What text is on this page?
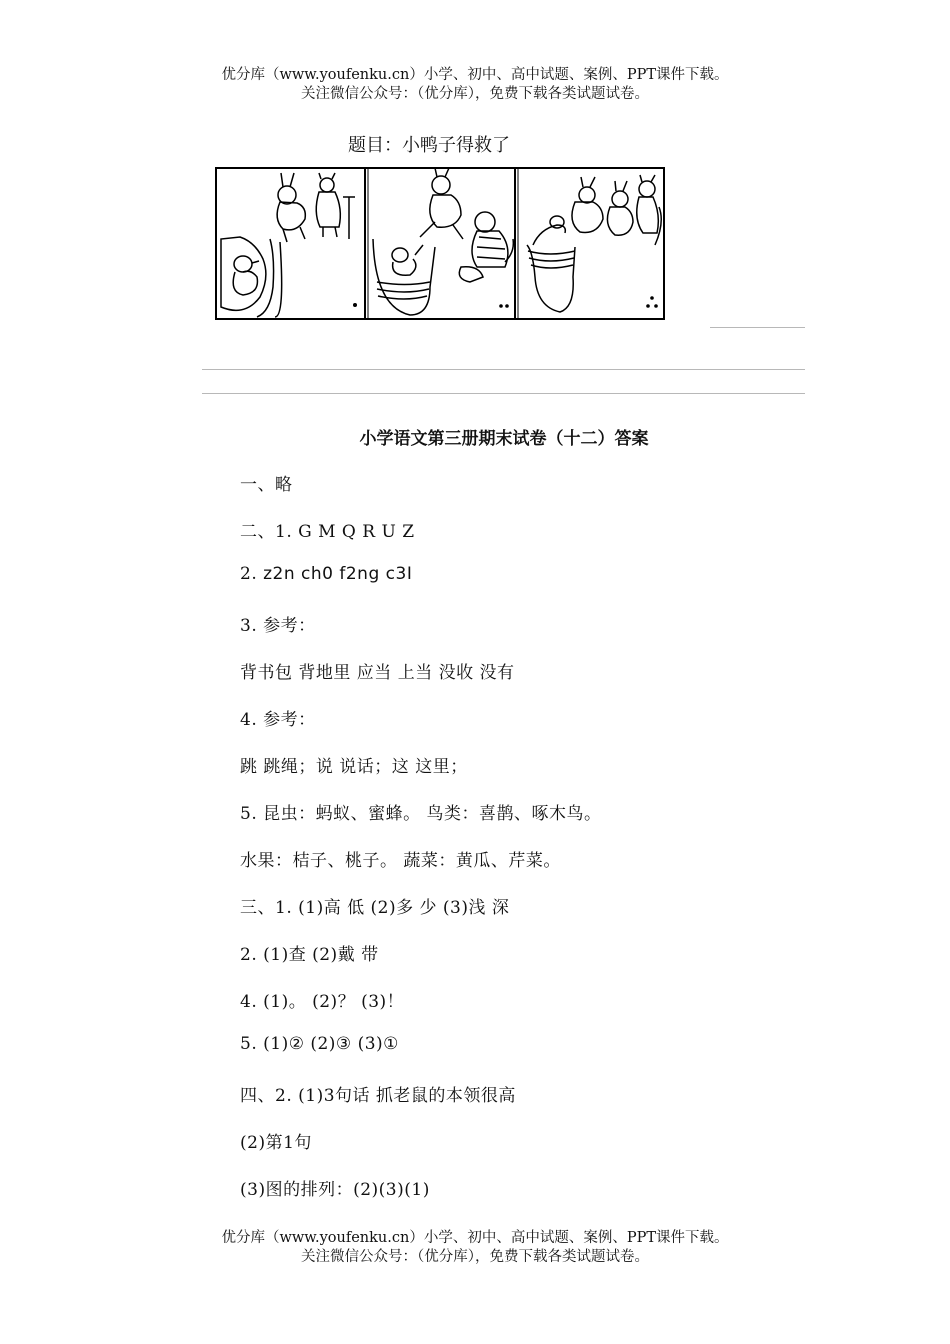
优分库（www.youfenku.cn）小学、初中、高中试题、案例、PPT课件下载。
关注微信公众号：（优分库），免费下载各类试题试卷。
题目：小鸭子得救了
小学语文第三册期末试卷（十二）答案
一、略
二、1. G M Q R U Z
2. z2n ch0 f2ng c3I
3. 参考：
背书包 背地里 应当 上当 没收 没有
4. 参考：
跳 跳绳；说 说话；这 这里；
5. 昆虫：蚂蚁、蜜蜂。 鸟类：喜鹊、啄木鸟。
水果：桔子、桃子。 蔬菜：黄瓜、芹菜。
三、1. (1)高 低 (2)多 少 (3)浅 深
2. (1)查 (2)戴 带
4. (1)。 (2)？ (3)！
5. (1)② (2)③ (3)①
四、2. (1)3句话 抓老鼠的本领很高
(2)第1句
(3)图的排列：(2)(3)(1)
优分库（www.youfenku.cn）小学、初中、高中试题、案例、PPT课件下载。
关注微信公众号：（优分库），免费下载各类试题试卷。
